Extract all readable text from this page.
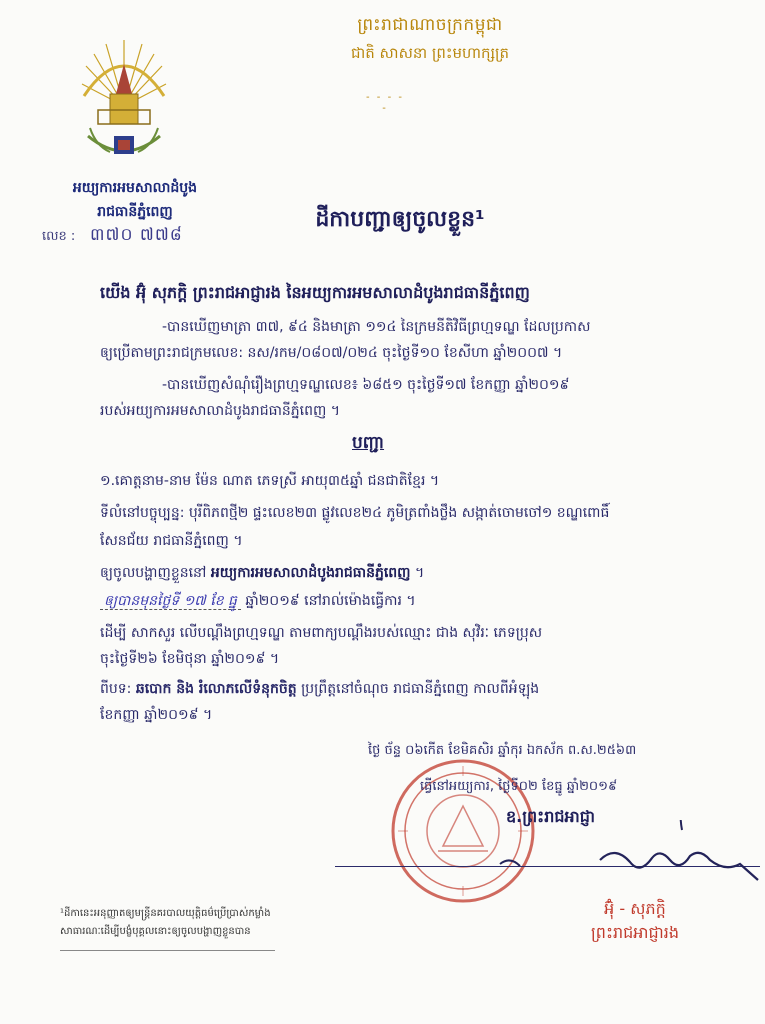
ព្រះរាជាណាចក្រកម្ពុជា
ជាតិ សាសនា ព្រះមហាក្សត្រ
- - - - -
អយ្យការអមសាលាដំបូង
រាជធានីភ្នំពេញ
លេខ : ៣៧០ ៧៧៨
ដីកាបញ្ជាឲ្យចូលខ្លួន¹
យើង អ៊ុំ សុភក្តិ ព្រះរាជអាជ្ញារង នៃអយ្យការអមសាលាដំបូងរាជធានីភ្នំពេញ
-បានឃើញមាត្រា ៣៧, ៩៤ និងមាត្រា ១១៤ នៃក្រមនីតិវិធីព្រហ្មទណ្ឌ ដែលប្រកាស
ឲ្យប្រើតាមព្រះរាជក្រមលេខ: នស/រកម/០៨០៧/០២៤ ចុះថ្ងៃទី១០ ខែសីហា ឆ្នាំ២០០៧ ។
-បានឃើញសំណុំរឿងព្រហ្មទណ្ឌលេខ៖ ៦៨៥១ ចុះថ្ងៃទី១៧ ខែកញ្ញា ឆ្នាំ២០១៩
របស់អយ្យការអមសាលាដំបូងរាជធានីភ្នំពេញ ។
បញ្ជា
១.គោត្តនាម-នាម ម៉ែន ណាត ភេទស្រី អាយុ៣៥ឆ្នាំ ជនជាតិខ្មែរ ។
ទីលំនៅបច្ចុប្បន្ន: បុរីពិភពថ្មី២ ផ្ទះលេខ២៣ ផ្លូវលេខ២៤ ភូមិត្រពាំងថ្លឹង សង្កាត់ចោមចៅ១ ខណ្ឌពោធិ៍
សែនជ័យ រាជធានីភ្នំពេញ ។
ឲ្យចូលបង្ហាញខ្លួននៅ អយ្យការអមសាលាដំបូងរាជធានីភ្នំពេញ ។
ឲ្យបានមុនថ្ងៃទី ១៧ ខែ ធ្នូ ឆ្នាំ២០១៩ នៅរាល់ម៉ោងធ្វើការ ។
ដើម្បី សាកសួរ លើបណ្តឹងព្រហ្មទណ្ឌ តាមពាក្យបណ្តឹងរបស់ឈ្មោះ ជាង សុវិរៈ ភេទប្រុស
ចុះថ្ងៃទី២៦ ខែមិថុនា ឆ្នាំ២០១៩ ។
ពីបទ: ឆបោក និង រំលោភលើទំនុកចិត្ត ប្រព្រឹត្តនៅចំណុច រាជធានីភ្នំពេញ កាលពីអំឡុង
ខែកញ្ញា ឆ្នាំ២០១៩ ។
ថ្ងៃ ច័ន្ទ ០៦កើត ខែមិគសិរ ឆ្នាំកុរ ឯកស័ក ព.ស.២៥៦៣
ធ្វើនៅអយ្យការ, ថ្ងៃទី០២ ខែធ្នូ ឆ្នាំ២០១៩
ឧ.ព្រះរាជអាជ្ញា
អ៊ុំ - សុភក្តិ
ព្រះរាជអាជ្ញារង
¹ដីកានេះអនុញ្ញាតឲ្យមន្ត្រីនគរបាលយុត្តិធម៌ប្រើប្រាស់កម្លាំង
សាធារណៈដើម្បីបង្ខំបុគ្គលនោះឲ្យចូលបង្ហាញខ្លួនបាន
